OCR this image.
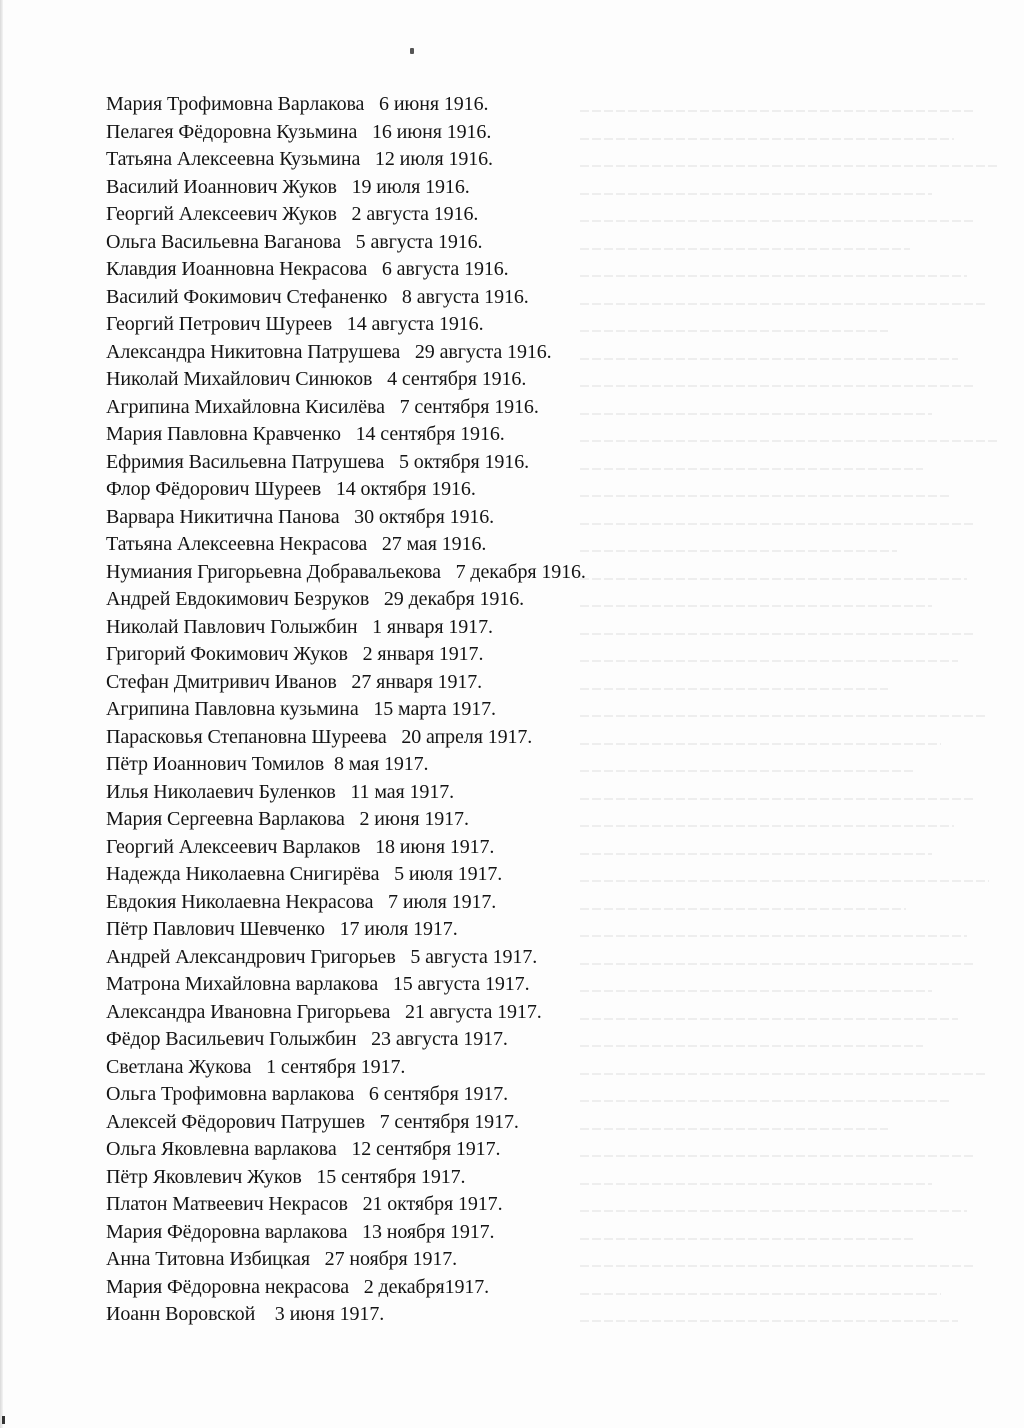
Мария Трофимовна Варлакова   6 июня 1916.
Пелагея Фёдоровна Кузьмина   16 июня 1916.
Татьяна Алексеевна Кузьмина   12 июля 1916.
Василий Иоаннович Жуков   19 июля 1916.
Георгий Алексеевич Жуков   2 августа 1916.
Ольга Васильевна Ваганова   5 августа 1916.
Клавдия Иоанновна Некрасова   6 августа 1916.
Василий Фокимович Стефаненко   8 августа 1916.
Георгий Петрович Шуреев   14 августа 1916.
Александра Никитовна Патрушева   29 августа 1916.
Николай Михайлович Синюков   4 сентября 1916.
Агрипина Михайловна Кисилёва   7 сентября 1916.
Мария Павловна Кравченко   14 сентября 1916.
Ефримия Васильевна Патрушева   5 октября 1916.
Флор Фёдорович Шуреев   14 октября 1916.
Варвара Никитична Панова   30 октября 1916.
Татьяна Алексеевна Некрасова   27 мая 1916.
Нумиания Григорьевна Добравальекова   7 декабря 1916.
Андрей Евдокимович Безруков   29 декабря 1916.
Николай Павлович Голыжбин   1 января 1917.
Григорий Фокимович Жуков   2 января 1917.
Стефан Дмитривич Иванов   27 января 1917.
Агрипина Павловна кузьмина   15 марта 1917.
Парасковья Степановна Шуреева   20 апреля 1917.
Пётр Иоаннович Томилов  8 мая 1917.
Илья Николаевич Буленков   11 мая 1917.
Мария Сергеевна Варлакова   2 июня 1917.
Георгий Алексеевич Варлаков   18 июня 1917.
Надежда Николаевна Снигирёва   5 июля 1917.
Евдокия Николаевна Некрасова   7 июля 1917.
Пётр Павлович Шевченко   17 июля 1917.
Андрей Александрович Григорьев   5 августа 1917.
Матрона Михайловна варлакова   15 августа 1917.
Александра Ивановна Григорьева   21 августа 1917.
Фёдор Васильевич Голыжбин   23 августа 1917.
Светлана Жукова   1 сентября 1917.
Ольга Трофимовна варлакова   6 сентября 1917.
Алексей Фёдорович Патрушев   7 сентября 1917.
Ольга Яковлевна варлакова   12 сентября 1917.
Пётр Яковлевич Жуков   15 сентября 1917.
Платон Матвеевич Некрасов   21 октября 1917.
Мария Фёдоровна варлакова   13 ноября 1917.
Анна Титовна Избицкая   27 ноября 1917.
Мария Фёдоровна некрасова   2 декабря1917.
Иоанн Воровской    3 июня 1917.
